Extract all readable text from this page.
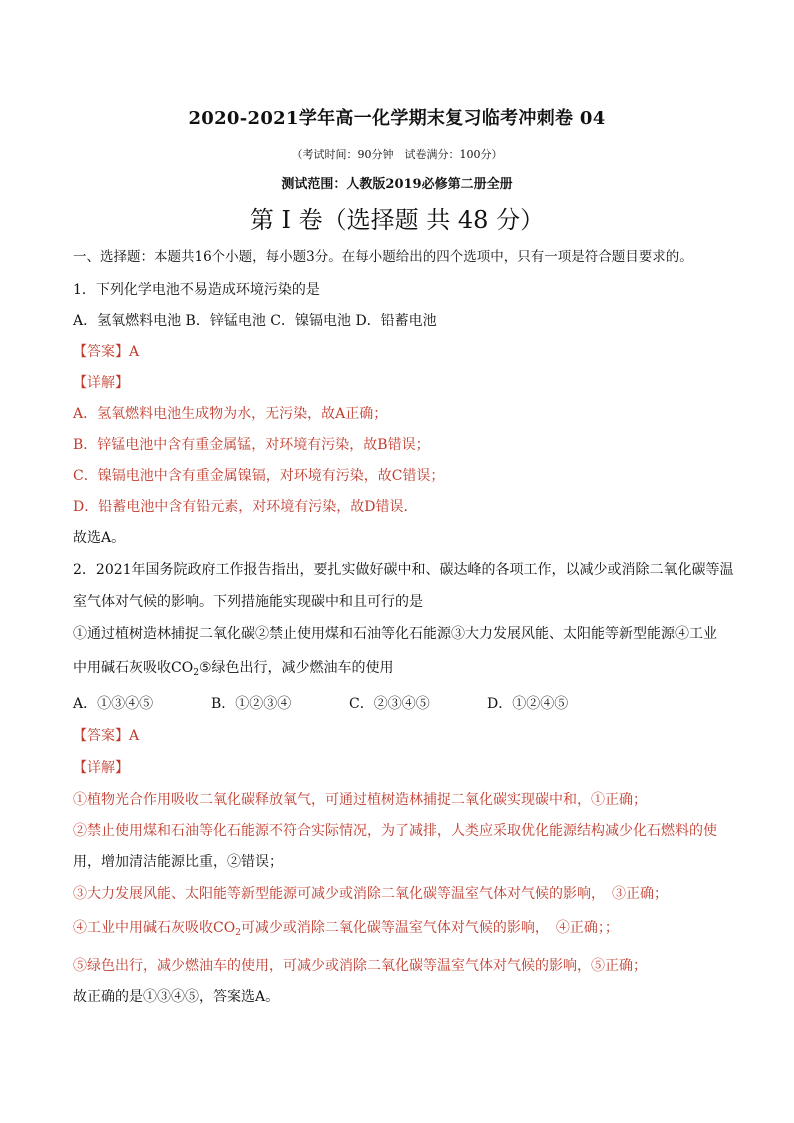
2020-2021学年高一化学期末复习临考冲刺卷 04
（考试时间：90分钟　试卷满分：100分）
测试范围：人教版2019必修第二册全册
第 I 卷（选择题 共 48 分）
一、选择题：本题共16个小题，每小题3分。在每小题给出的四个选项中，只有一项是符合题目要求的。
1．下列化学电池不易造成环境污染的是
A．氢氧燃料电池 B．锌锰电池 C．镍镉电池 D．铅蓄电池
【答案】A
【详解】
A．氢氧燃料电池生成物为水，无污染，故A正确；
B．锌锰电池中含有重金属锰，对环境有污染，故B错误；
C．镍镉电池中含有重金属镍镉，对环境有污染，故C错误；
D．铅蓄电池中含有铅元素，对环境有污染，故D错误．
故选A。
2．2021年国务院政府工作报告指出，要扎实做好碳中和、碳达峰的各项工作，以减少或消除二氧化碳等温
室气体对气候的影响。下列措施能实现碳中和且可行的是
①通过植树造林捕捉二氧化碳②禁止使用煤和石油等化石能源③大力发展风能、太阳能等新型能源④工业
中用碱石灰吸收$CO_2⑤$绿色出行，减少燃油车的使用
A．①③④⑤	B．①②③④	C．②③④⑤	D．①②④⑤
【答案】A
【详解】
①植物光合作用吸收二氧化碳释放氧气，可通过植树造林捕捉二氧化碳实现碳中和，①正确；
②禁止使用煤和石油等化石能源不符合实际情况，为了减排，人类应采取优化能源结构减少化石燃料的使
用，增加清洁能源比重，②错误；
③大力发展风能、太阳能等新型能源可减少或消除二氧化碳等温室气体对气候的影响，　③正确；
④工业中用碱石灰吸收$CO_2$可减少或消除二氧化碳等温室气体对气候的影响，　④正确；；
⑤绿色出行，减少燃油车的使用，可减少或消除二氧化碳等温室气体对气候的影响，⑤正确；
故正确的是①③④⑤，答案选A。
